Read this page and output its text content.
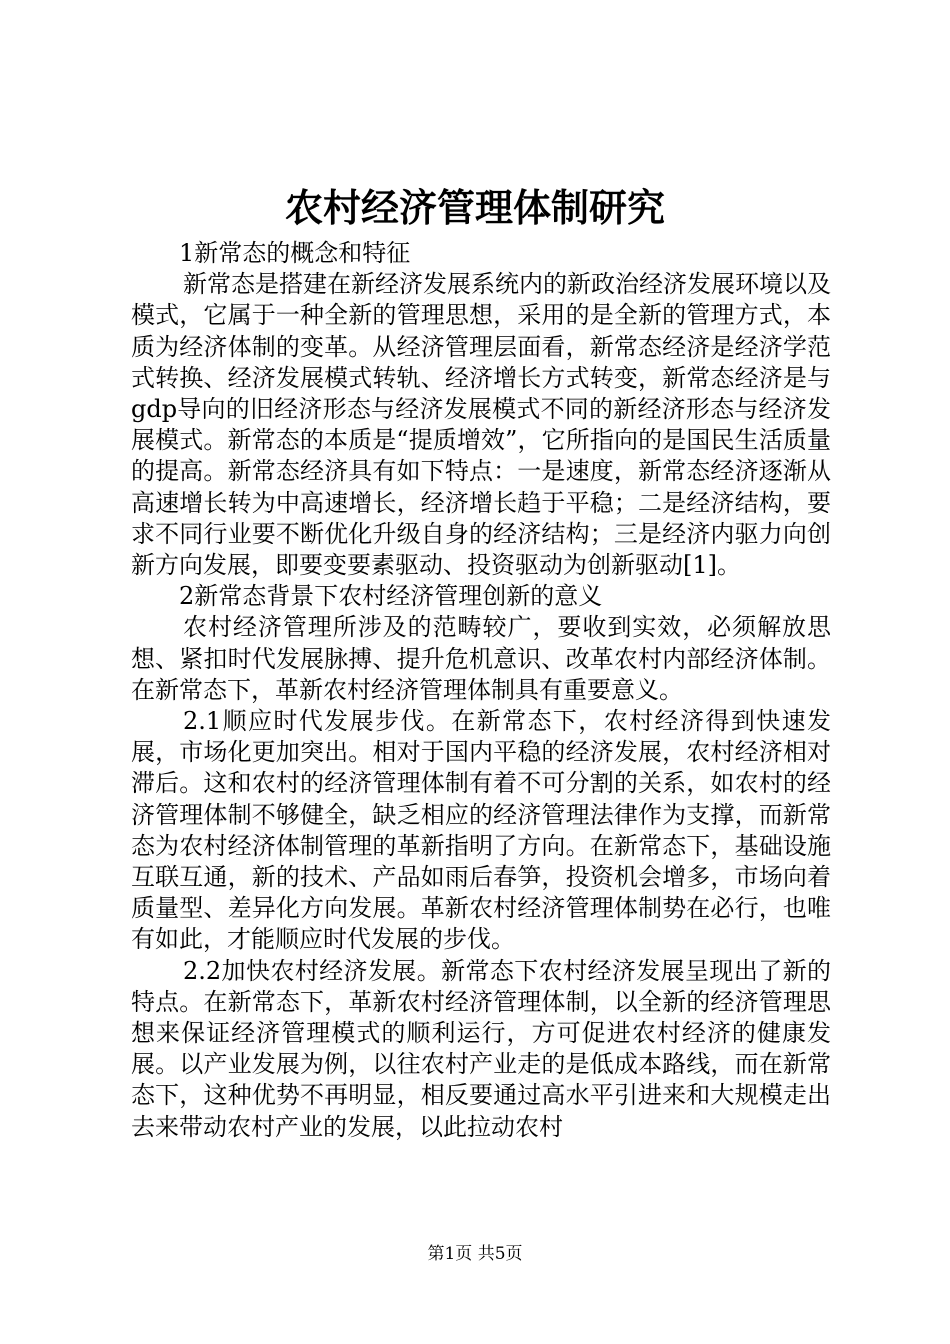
农村经济管理体制研究

1新常态的概念和特征

新常态是搭建在新经济发展系统内的新政治经济发展环境以及模式，它属于一种全新的管理思想，采用的是全新的管理方式，本质为经济体制的变革。从经济管理层面看，新常态经济是经济学范式转换、经济发展模式转轨、经济增长方式转变，新常态经济是与gdp导向的旧经济形态与经济发展模式不同的新经济形态与经济发展模式。新常态的本质是“提质增效”，它所指向的是国民生活质量的提高。新常态经济具有如下特点：一是速度，新常态经济逐渐从高速增长转为中高速增长，经济增长趋于平稳；二是经济结构，要求不同行业要不断优化升级自身的经济结构；三是经济内驱力向创新方向发展，即要变要素驱动、投资驱动为创新驱动[1]。

2新常态背景下农村经济管理创新的意义

农村经济管理所涉及的范畴较广，要收到实效，必须解放思想、紧扣时代发展脉搏、提升危机意识、改革农村内部经济体制。在新常态下，革新农村经济管理体制具有重要意义。

2.1顺应时代发展步伐。在新常态下，农村经济得到快速发展，市场化更加突出。相对于国内平稳的经济发展，农村经济相对滞后。这和农村的经济管理体制有着不可分割的关系，如农村的经济管理体制不够健全，缺乏相应的经济管理法律作为支撑，而新常态为农村经济体制管理的革新指明了方向。在新常态下，基础设施互联互通，新的技术、产品如雨后春笋，投资机会增多，市场向着质量型、差异化方向发展。革新农村经济管理体制势在必行，也唯有如此，才能顺应时代发展的步伐。

2.2加快农村经济发展。新常态下农村经济发展呈现出了新的特点。在新常态下，革新农村经济管理体制，以全新的经济管理思想来保证经济管理模式的顺利运行，方可促进农村经济的健康发展。以产业发展为例，以往农村产业走的是低成本路线，而在新常态下，这种优势不再明显，相反要通过高水平引进来和大规模走出去来带动农村产业的发展，以此拉动农村

第1页 共5页
